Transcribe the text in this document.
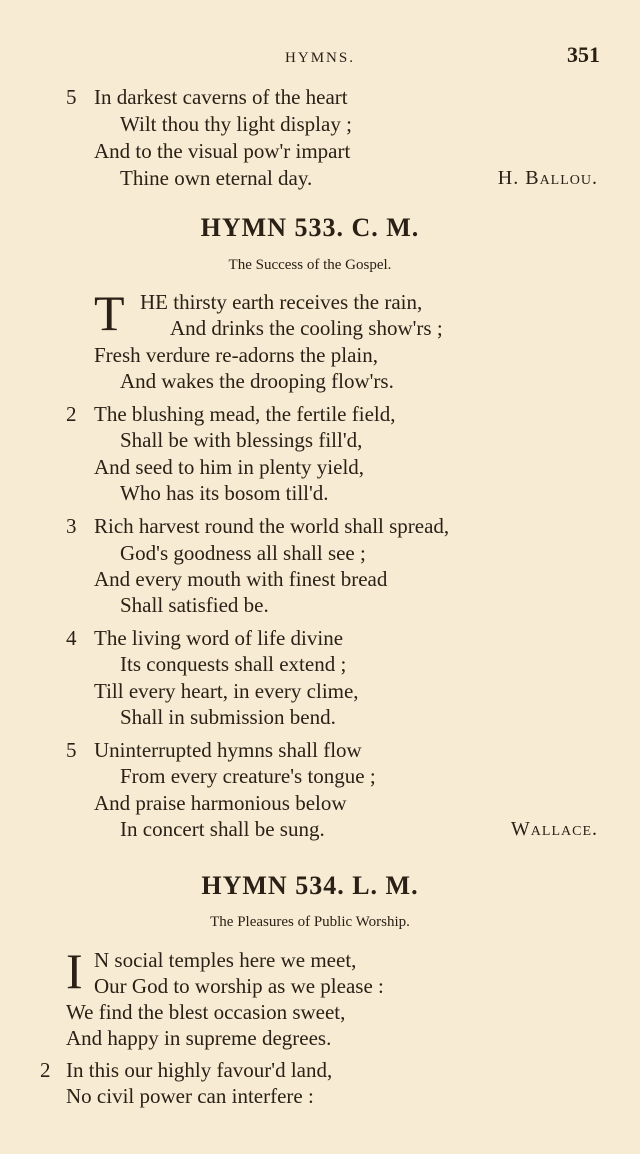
HYMNS.	351
5 In darkest caverns of the heart
Wilt thou thy light display ;
And to the visual pow'r impart
Thine own eternal day.	H. Ballou.
HYMN 533. C. M.
The Success of the Gospel.
T HE thirsty earth receives the rain,
And drinks the cooling show'rs ;
Fresh verdure re-adorns the plain,
And wakes the drooping flow'rs.
2 The blushing mead, the fertile field,
Shall be with blessings fill'd,
And seed to him in plenty yield,
Who has its bosom till'd.
3 Rich harvest round the world shall spread,
God's goodness all shall see ;
And every mouth with finest bread
Shall satisfied be.
4 The living word of life divine
Its conquests shall extend ;
Till every heart, in every clime,
Shall in submission bend.
5 Uninterrupted hymns shall flow
From every creature's tongue ;
And praise harmonious below
In concert shall be sung.	Wallace.
HYMN 534. L. M.
The Pleasures of Public Worship.
I N social temples here we meet,
Our God to worship as we please :
We find the blest occasion sweet,
And happy in supreme degrees.
2 In this our highly favour'd land,
No civil power can interfere :
